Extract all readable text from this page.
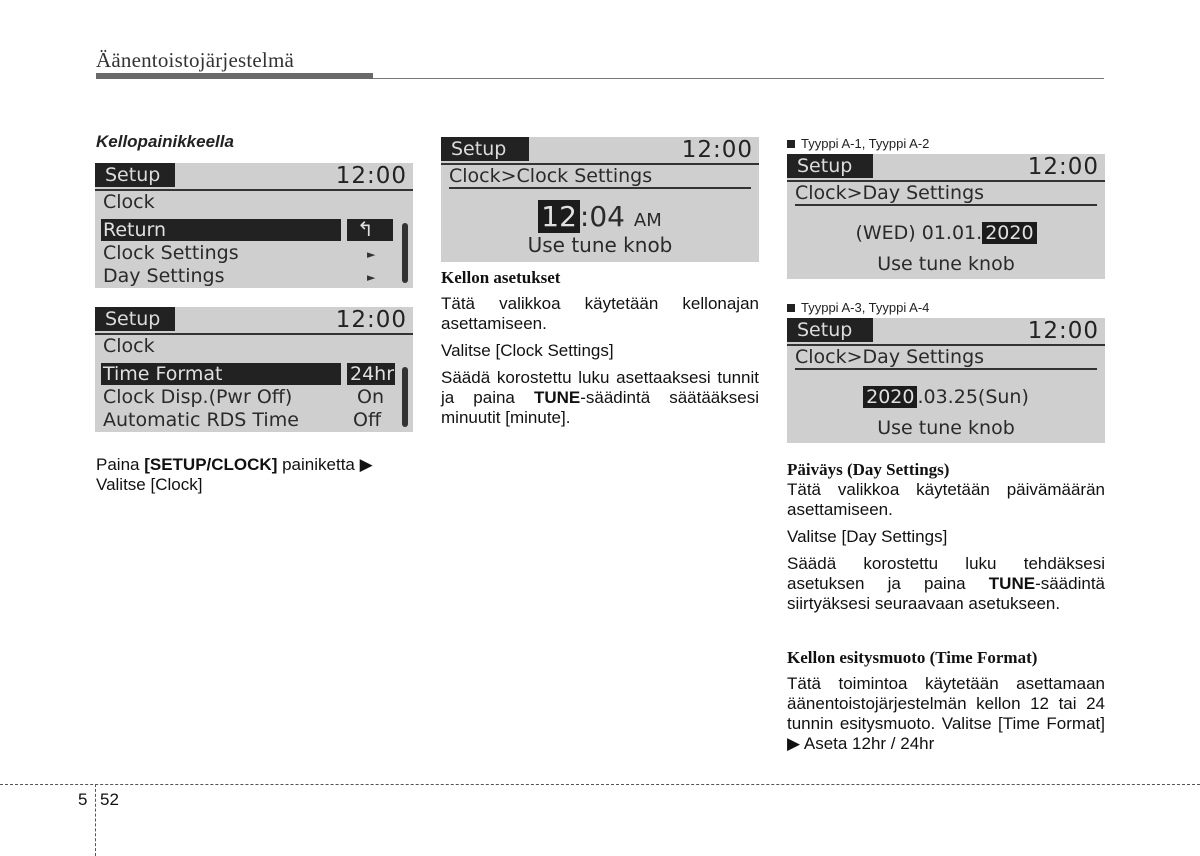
Äänentoistojärjestelmä
Kellopainikkeella
Setup	12:00
Clock
Return	↰
Clock Settings	►
Day Settings	►
Setup	12:00
Clock
Time Format	24hr
Clock Disp.(Pwr Off)	On
Automatic RDS Time	Off
Paina [SETUP/CLOCK] painiketta ▶
Valitse [Clock]
Setup	12:00
Clock>Clock Settings
12 :04 AM
Use tune knob
Kellon asetukset

Tätä valikkoa käytetään kellonajan asettamiseen.

Valitse [Clock Settings]

Säädä korostettu luku asettaaksesi tunnit ja paina TUNE-säädintä säätääksesi minuutit [minute].

Tyyppi A-1, Tyyppi A-2
Setup	12:00
Clock>Day Settings
(WED) 01.01. 2020
Use tune knob
Tyyppi A-3, Tyyppi A-4
Setup	12:00
Clock>Day Settings
2020 .03.25(Sun)
Use tune knob
Päiväys (Day Settings)

Tätä valikkoa käytetään päivämäärän asettamiseen.

Valitse [Day Settings]

Säädä korostettu luku tehdäksesi asetuksen ja paina TUNE-säädintä siirtyäksesi seuraavaan asetukseen.

Kellon esitysmuoto (Time Format)

Tätä toimintoa käytetään asettamaan äänentoistojärjestelmän kellon 12 tai 24 tunnin esitysmuoto. Valitse [Time Format] ▶ Aseta 12hr / 24hr

5 52
